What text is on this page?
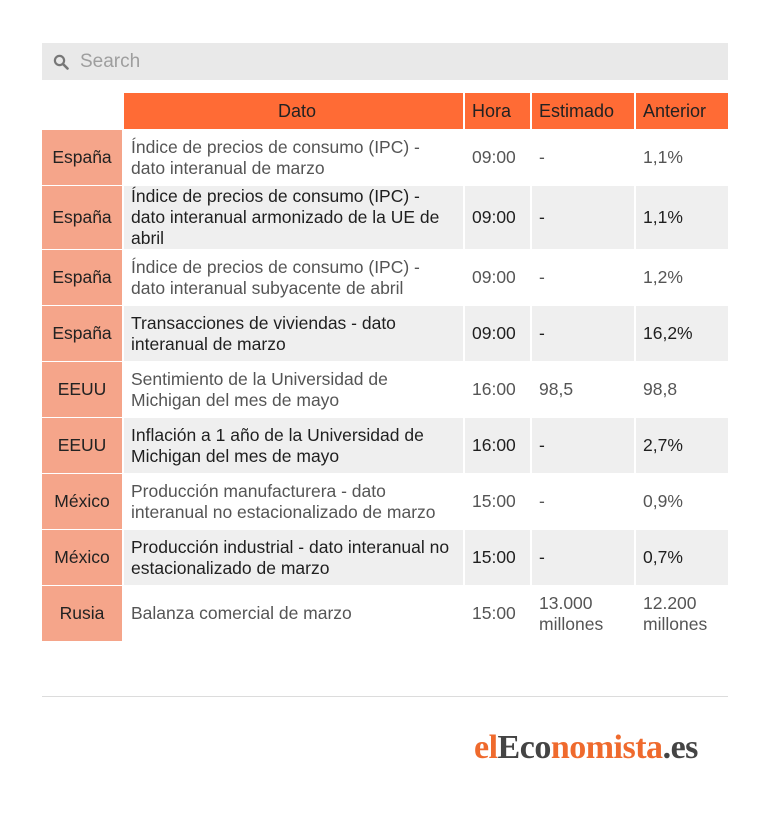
Search
	Dato	Hora	Estimado	Anterior
España	Índice de precios de consumo (IPC) - dato interanual de marzo	09:00	-	1,1%
España	Índice de precios de consumo (IPC) - dato interanual armonizado de la UE de abril	09:00	-	1,1%
España	Índice de precios de consumo (IPC) - dato interanual subyacente de abril	09:00	-	1,2%
España	Transacciones de viviendas - dato interanual de marzo	09:00	-	16,2%
EEUU	Sentimiento de la Universidad de Michigan del mes de mayo	16:00	98,5	98,8
EEUU	Inflación a 1 año de la Universidad de Michigan del mes de mayo	16:00	-	2,7%
México	Producción manufacturera - dato interanual no estacionalizado de marzo	15:00	-	0,9%
México	Producción industrial - dato interanual no estacionalizado de marzo	15:00	-	0,7%
Rusia	Balanza comercial de marzo	15:00	13.000 millones	12.200 millones
elEconomista.es
